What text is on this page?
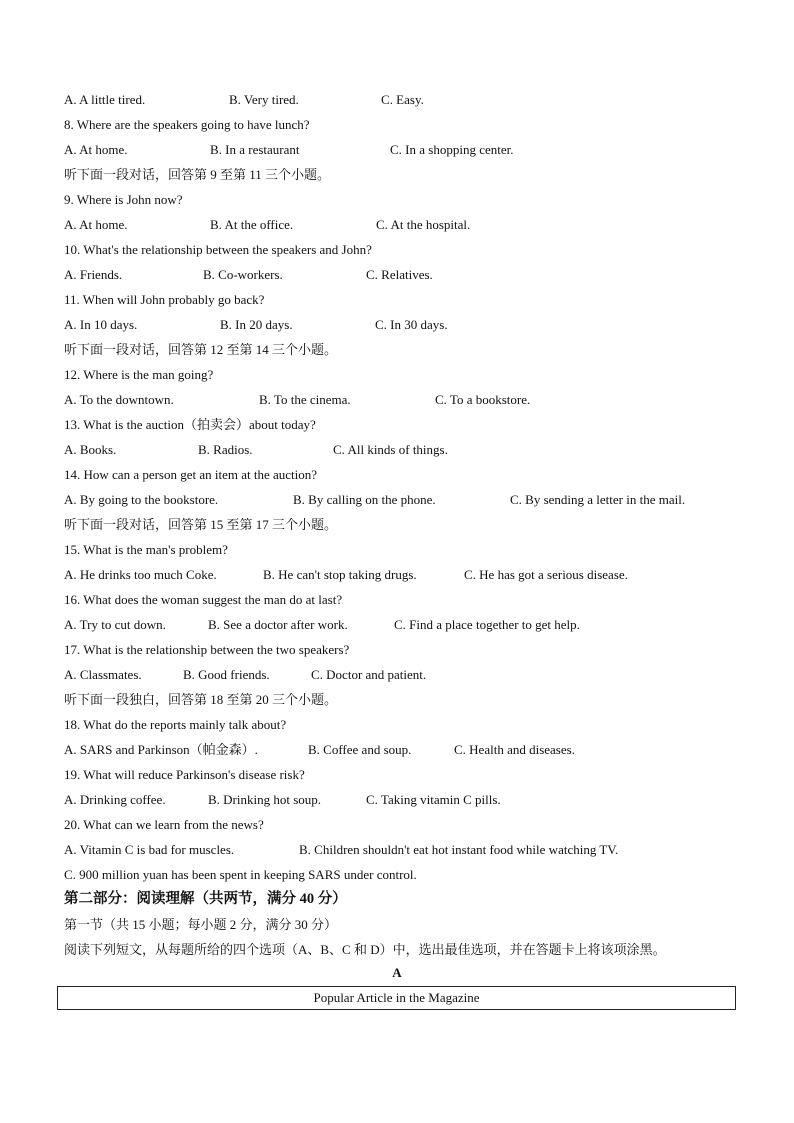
A. A little tired.	B. Very tired.	C. Easy.
8. Where are the speakers going to have lunch?
A. At home.	B. In a restaurant	C. In a shopping center.
听下面一段对话，回答第 9 至第 11 三个小题。
9. Where is John now?
A. At home.	B. At the office.	C. At the hospital.
10. What's the relationship between the speakers and John?
A. Friends.	B. Co-workers.	C. Relatives.
11. When will John probably go back?
A. In 10 days.	B. In 20 days.	C. In 30 days.
听下面一段对话，回答第 12 至第 14 三个小题。
12. Where is the man going?
A. To the downtown.	B. To the cinema.	C. To a bookstore.
13. What is the auction（拍卖会）about today?
A. Books.	B. Radios.	C. All kinds of things.
14. How can a person get an item at the auction?
A. By going to the bookstore.	B. By calling on the phone.	C. By sending a letter in the mail.
听下面一段对话，回答第 15 至第 17 三个小题。
15. What is the man's problem?
A. He drinks too much Coke.	B. He can't stop taking drugs.	C. He has got a serious disease.
16. What does the woman suggest the man do at last?
A. Try to cut down.	B. See a doctor after work.	C. Find a place together to get help.
17. What is the relationship between the two speakers?
A. Classmates.	B. Good friends.	C. Doctor and patient.
听下面一段独白，回答第 18 至第 20 三个小题。
18. What do the reports mainly talk about?
A. SARS and Parkinson（帕金森）.	B. Coffee and soup.	C. Health and diseases.
19. What will reduce Parkinson's disease risk?
A. Drinking coffee.	B. Drinking hot soup.	C. Taking vitamin C pills.
20. What can we learn from the news?
A. Vitamin C is bad for muscles.	B. Children shouldn't eat hot instant food while watching TV.
C. 900 million yuan has been spent in keeping SARS under control.
第二部分：阅读理解（共两节，满分 40 分）
第一节（共 15 小题；每小题 2 分，满分 30 分）
阅读下列短文，从每题所给的四个选项（A、B、C 和 D）中，选出最佳选项，并在答题卡上将该项涂黑。
A
Popular Article in the Magazine
